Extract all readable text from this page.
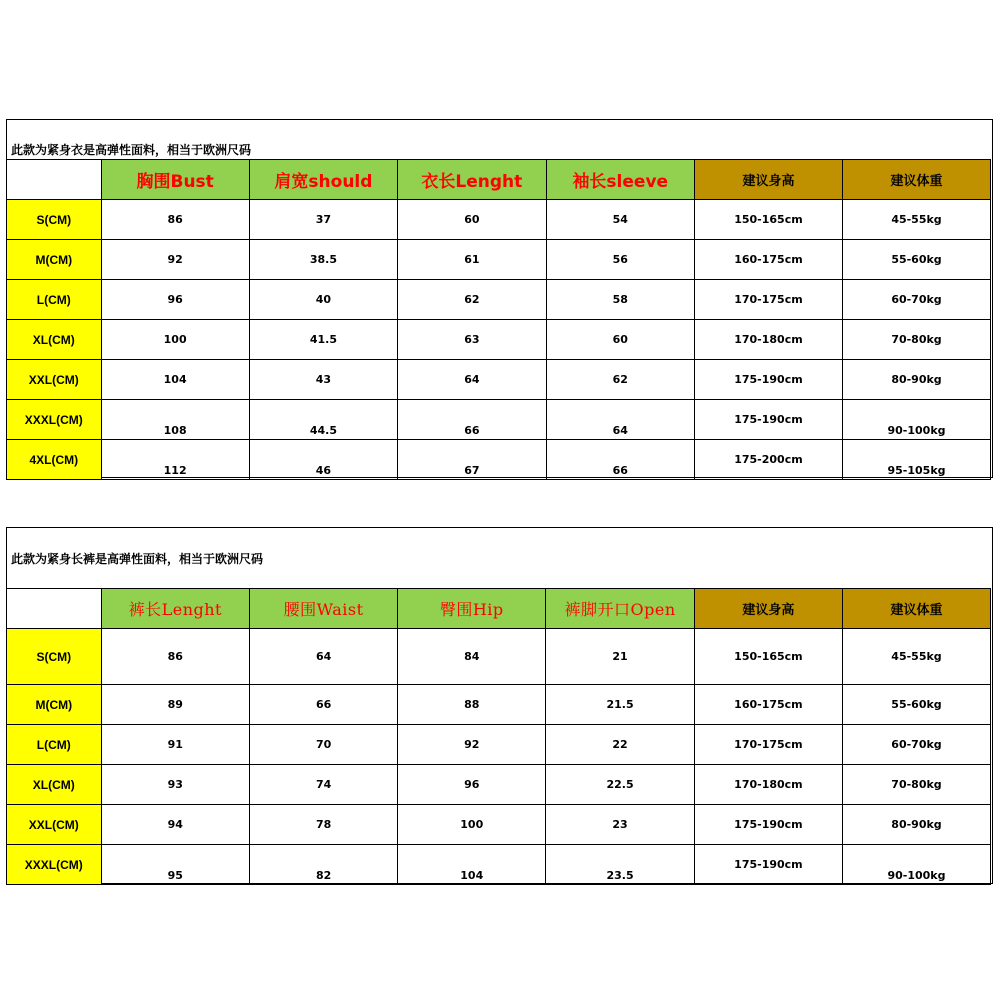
此款为紧身衣是高弹性面料，相当于欧洲尺码
	胸围Bust	肩宽should	衣长Lenght	袖长sleeve	建议身高	建议体重
S(CM)	86	37	60	54	150-165cm	45-55kg
M(CM)	92	38.5	61	56	160-175cm	55-60kg
L(CM)	96	40	62	58	170-175cm	60-70kg
XL(CM)	100	41.5	63	60	170-180cm	70-80kg
XXL(CM)	104	43	64	62	175-190cm	80-90kg
XXXL(CM)	108	44.5	66	64	175-190cm	90-100kg
4XL(CM)	112	46	67	66	175-200cm	95-105kg
此款为紧身长裤是高弹性面料，相当于欧洲尺码
	裤长Lenght	腰围Waist	臀围Hip	裤脚开口Open	建议身高	建议体重
S(CM)	86	64	84	21	150-165cm	45-55kg
M(CM)	89	66	88	21.5	160-175cm	55-60kg
L(CM)	91	70	92	22	170-175cm	60-70kg
XL(CM)	93	74	96	22.5	170-180cm	70-80kg
XXL(CM)	94	78	100	23	175-190cm	80-90kg
XXXL(CM)	95	82	104	23.5	175-190cm	90-100kg
